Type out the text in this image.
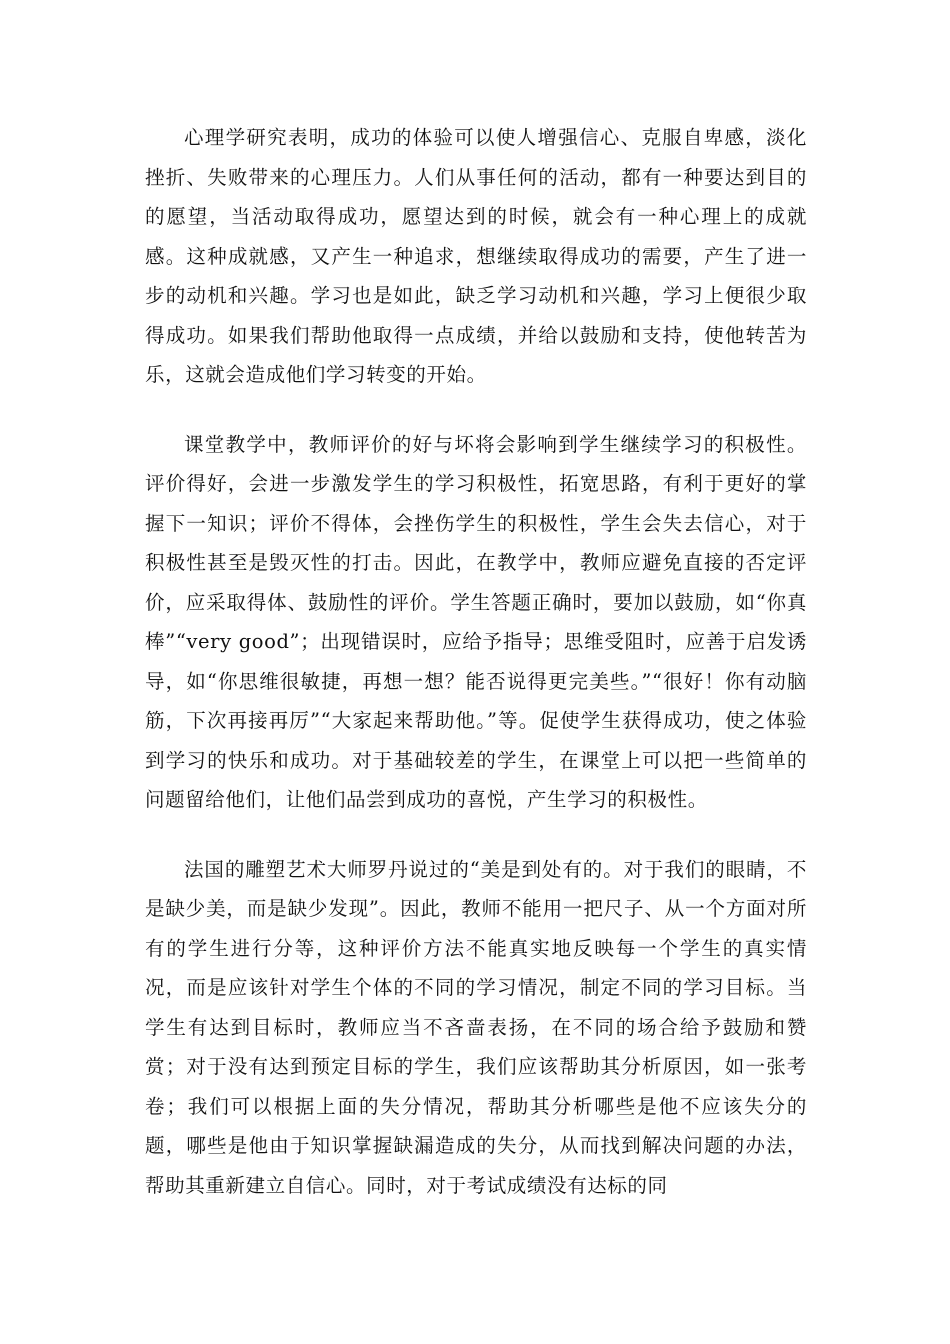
心理学研究表明，成功的体验可以使人增强信心、克服自卑感，淡化挫折、失败带来的心理压力。人们从事任何的活动，都有一种要达到目的的愿望，当活动取得成功，愿望达到的时候，就会有一种心理上的成就感。这种成就感，又产生一种追求，想继续取得成功的需要，产生了进一步的动机和兴趣。学习也是如此，缺乏学习动机和兴趣，学习上便很少取得成功。如果我们帮助他取得一点成绩，并给以鼓励和支持，使他转苦为乐，这就会造成他们学习转变的开始。

课堂教学中，教师评价的好与坏将会影响到学生继续学习的积极性。评价得好，会进一步激发学生的学习积极性，拓宽思路，有利于更好的掌握下一知识；评价不得体，会挫伤学生的积极性，学生会失去信心，对于积极性甚至是毁灭性的打击。因此，在教学中，教师应避免直接的否定评价，应采取得体、鼓励性的评价。学生答题正确时，要加以鼓励，如“你真棒”“very good”；出现错误时，应给予指导；思维受阻时，应善于启发诱导，如“你思维很敏捷，再想一想？能否说得更完美些。”“很好！你有动脑筋，下次再接再厉”“大家起来帮助他。”等。促使学生获得成功，使之体验到学习的快乐和成功。对于基础较差的学生，在课堂上可以把一些简单的问题留给他们，让他们品尝到成功的喜悦，产生学习的积极性。

法国的雕塑艺术大师罗丹说过的“美是到处有的。对于我们的眼睛，不是缺少美，而是缺少发现”。因此，教师不能用一把尺子、从一个方面对所有的学生进行分等，这种评价方法不能真实地反映每一个学生的真实情况，而是应该针对学生个体的不同的学习情况，制定不同的学习目标。当学生有达到目标时，教师应当不吝啬表扬，在不同的场合给予鼓励和赞赏；对于没有达到预定目标的学生，我们应该帮助其分析原因，如一张考卷；我们可以根据上面的失分情况，帮助其分析哪些是他不应该失分的题，哪些是他由于知识掌握缺漏造成的失分，从而找到解决问题的办法，帮助其重新建立自信心。同时，对于考试成绩没有达标的同
